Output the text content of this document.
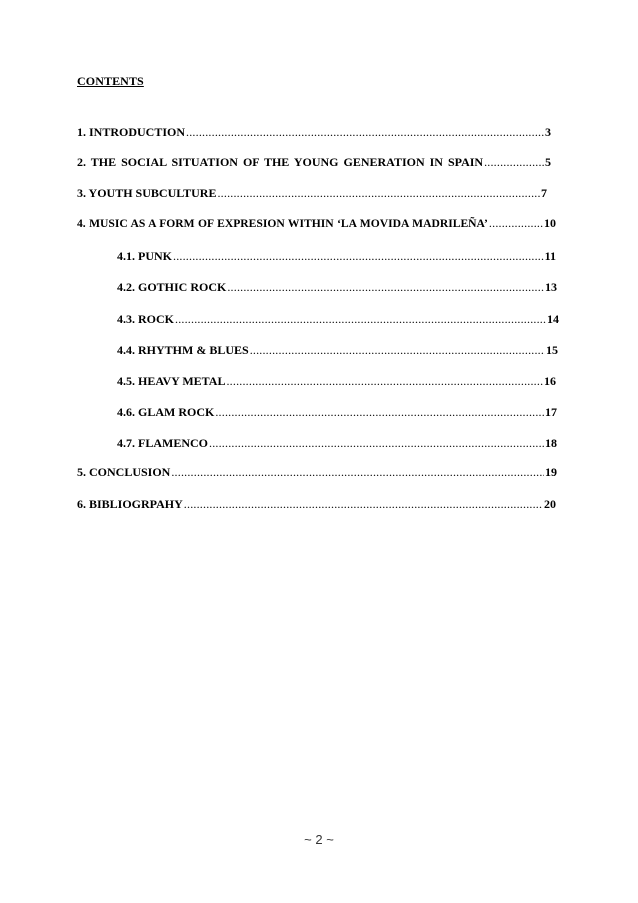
CONTENTS
1. INTRODUCTION .....	3
2. THE SOCIAL SITUATION OF THE YOUNG GENERATION IN SPAIN .....	5
3. YOUTH SUBCULTURE .....	7
4. MUSIC AS A FORM OF EXPRESION WITHIN ‘LA MOVIDA MADRILEÑA’ .....	10
4.1. PUNK .....	11
4.2. GOTHIC ROCK .....	13
4.3. ROCK .....	14
4.4. RHYTHM & BLUES .....	15
4.5. HEAVY METAL .....	16
4.6. GLAM ROCK .....	17
4.7. FLAMENCO .....	18
5. CONCLUSION .....	19
6. BIBLIOGRPAHY .....	20
~ 2 ~
